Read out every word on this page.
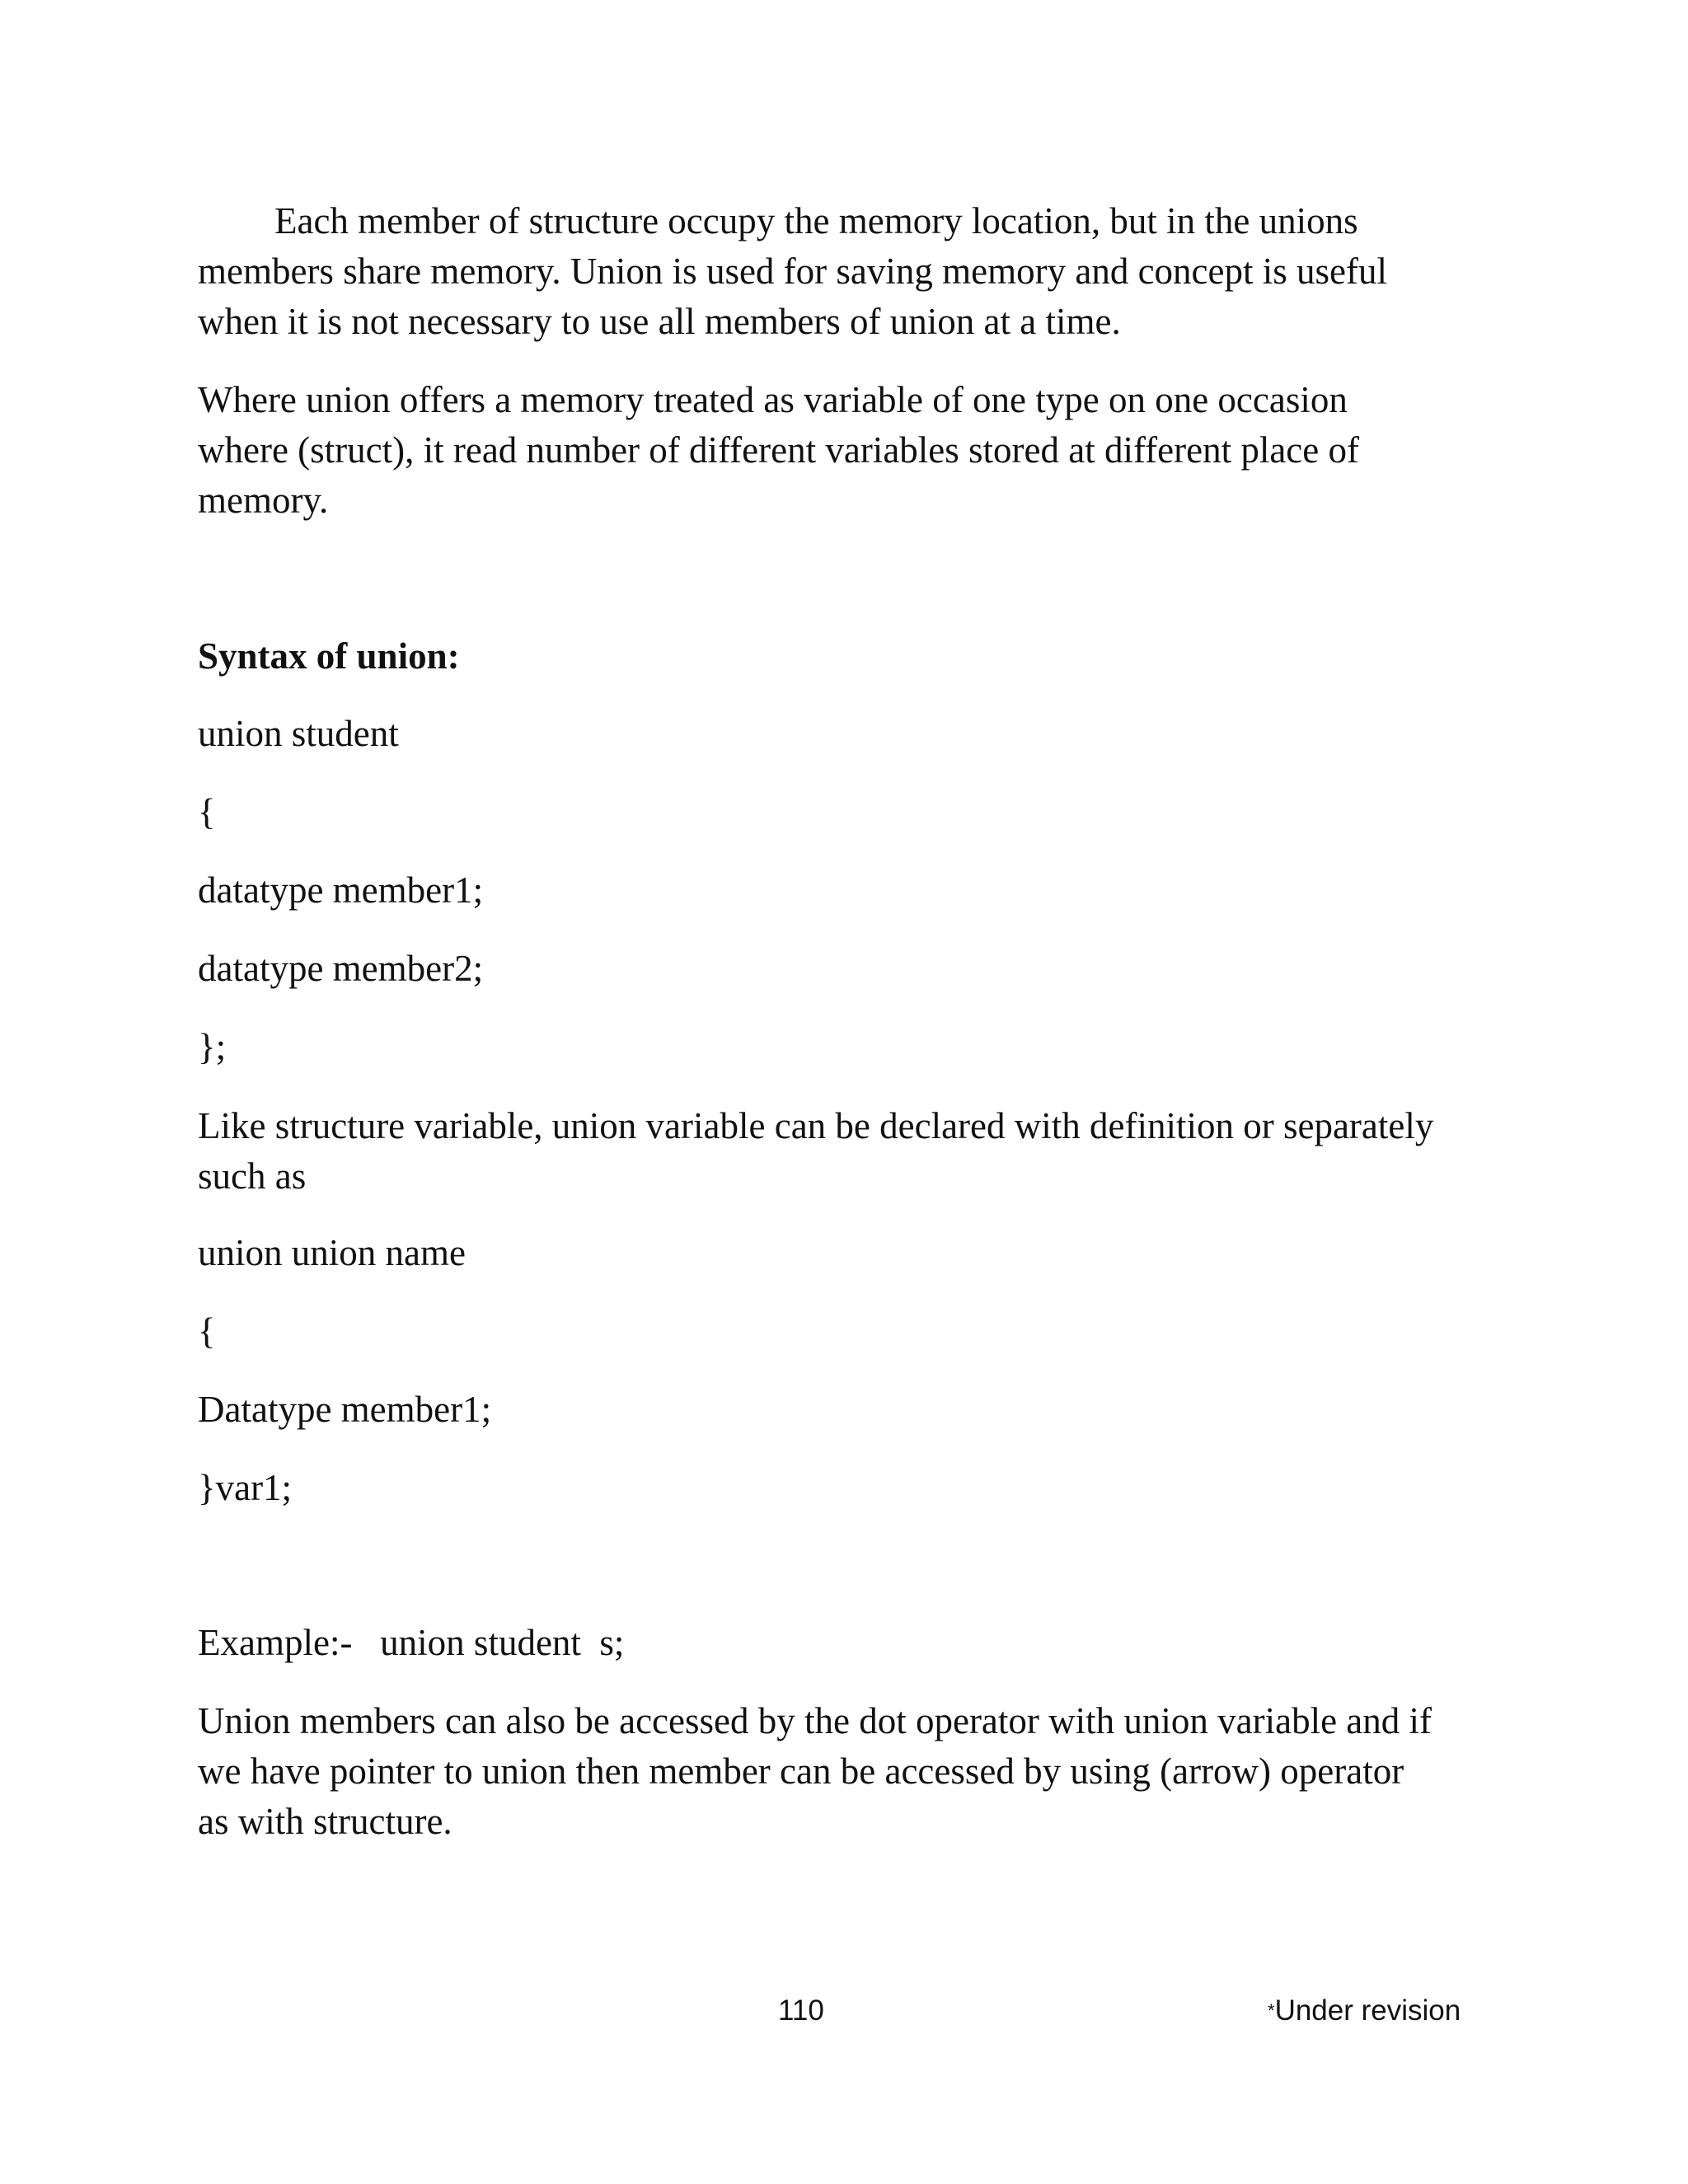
Each member of structure occupy the memory location, but in the unions
members share memory. Union is used for saving memory and concept is useful
when it is not necessary to use all members of union at a time.

Where union offers a memory treated as variable of one type on one occasion
where (struct), it read number of different variables stored at different place of
memory.

Syntax of union:

union student

{

datatype member1;

datatype member2;

};

Like structure variable, union variable can be declared with definition or separately
such as

union union name

{

Datatype member1;

}var1;

Example:-   union student  s;

Union members can also be accessed by the dot operator with union variable and if
we have pointer to union then member can be accessed by using (arrow) operator
as with structure.

110	*Under revision
